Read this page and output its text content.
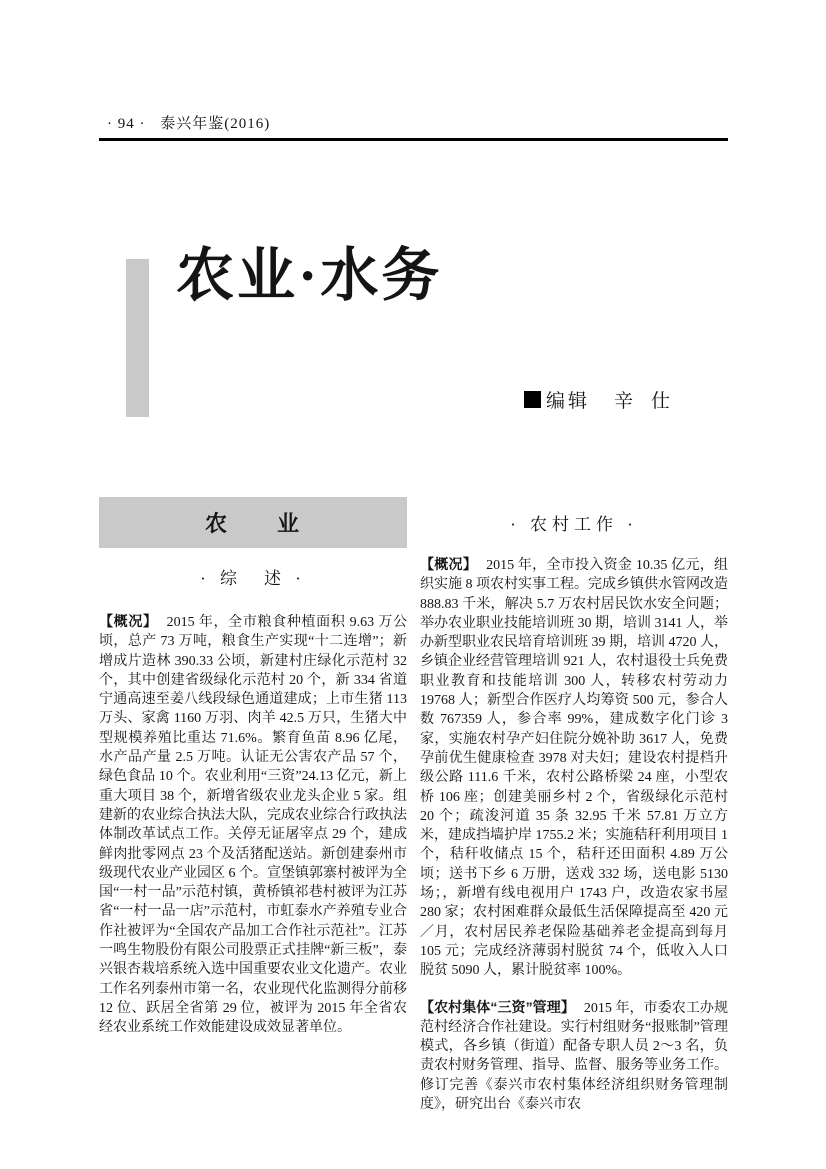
· 94 · 泰兴年鉴(2016)
农业·水务
编辑 辛仕
农　　业
· 综　述 ·

【概况】 2015 年，全市粮食种植面积 9.63 万公顷，总产 73 万吨，粮食生产实现“十二连增”；新增成片造林 390.33 公顷，新建村庄绿化示范村 32 个，其中创建省级绿化示范村 20 个，新 334 省道宁通高速至姜八线段绿色通道建成；上市生猪 113 万头、家禽 1160 万羽、肉羊 42.5 万只，生猪大中型规模养殖比重达 71.6%。繁育鱼苗 8.96 亿尾，水产品产量 2.5 万吨。认证无公害农产品 57 个，绿色食品 10 个。农业利用“三资”24.13 亿元，新上重大项目 38 个，新增省级农业龙头企业 5 家。组建新的农业综合执法大队，完成农业综合行政执法体制改革试点工作。关停无证屠宰点 29 个，建成鲜肉批零网点 23 个及活猪配送站。新创建泰州市级现代农业产业园区 6 个。宣堡镇郭寨村被评为全国“一村一品”示范村镇，黄桥镇祁巷村被评为江苏省“一村一品一店”示范村，市虹泰水产养殖专业合作社被评为“全国农产品加工合作社示范社”。江苏一鸣生物股份有限公司股票正式挂牌“新三板”，泰兴银杏栽培系统入选中国重要农业文化遗产。农业工作名列泰州市第一名，农业现代化监测得分前移 12 位、跃居全省第 29 位，被评为 2015 年全省农经农业系统工作效能建设成效显著单位。

· 农村工作 ·

【概况】 2015 年，全市投入资金 10.35 亿元，组织实施 8 项农村实事工程。完成乡镇供水管网改造 888.83 千米，解决 5.7 万农村居民饮水安全问题；举办农业职业技能培训班 30 期，培训 3141 人，举办新型职业农民培育培训班 39 期，培训 4720 人，乡镇企业经营管理培训 921 人，农村退役士兵免费职业教育和技能培训 300 人，转移农村劳动力 19768 人；新型合作医疗人均筹资 500 元，参合人数 767359 人，参合率 99%，建成数字化门诊 3 家，实施农村孕产妇住院分娩补助 3617 人，免费孕前优生健康检查 3978 对夫妇；建设农村提档升级公路 111.6 千米，农村公路桥梁 24 座，小型农桥 106 座；创建美丽乡村 2 个，省级绿化示范村 20 个；疏浚河道 35 条 32.95 千米 57.81 万立方米，建成挡墙护岸 1755.2 米；实施秸秆利用项目 1 个，秸秆收储点 15 个，秸秆还田面积 4.89 万公顷；送书下乡 6 万册，送戏 332 场，送电影 5130 场；，新增有线电视用户 1743 户，改造农家书屋 280 家；农村困难群众最低生活保障提高至 420 元／月，农村居民养老保险基础养老金提高到每月 105 元；完成经济薄弱村脱贫 74 个，低收入人口脱贫 5090 人，累计脱贫率 100%。

【农村集体“三资”管理】 2015 年，市委农工办规范村经济合作社建设。实行村组财务“报账制”管理模式，各乡镇（街道）配备专职人员 2～3 名，负责农村财务管理、指导、监督、服务等业务工作。修订完善《泰兴市农村集体经济组织财务管理制度》，研究出台《泰兴市农
